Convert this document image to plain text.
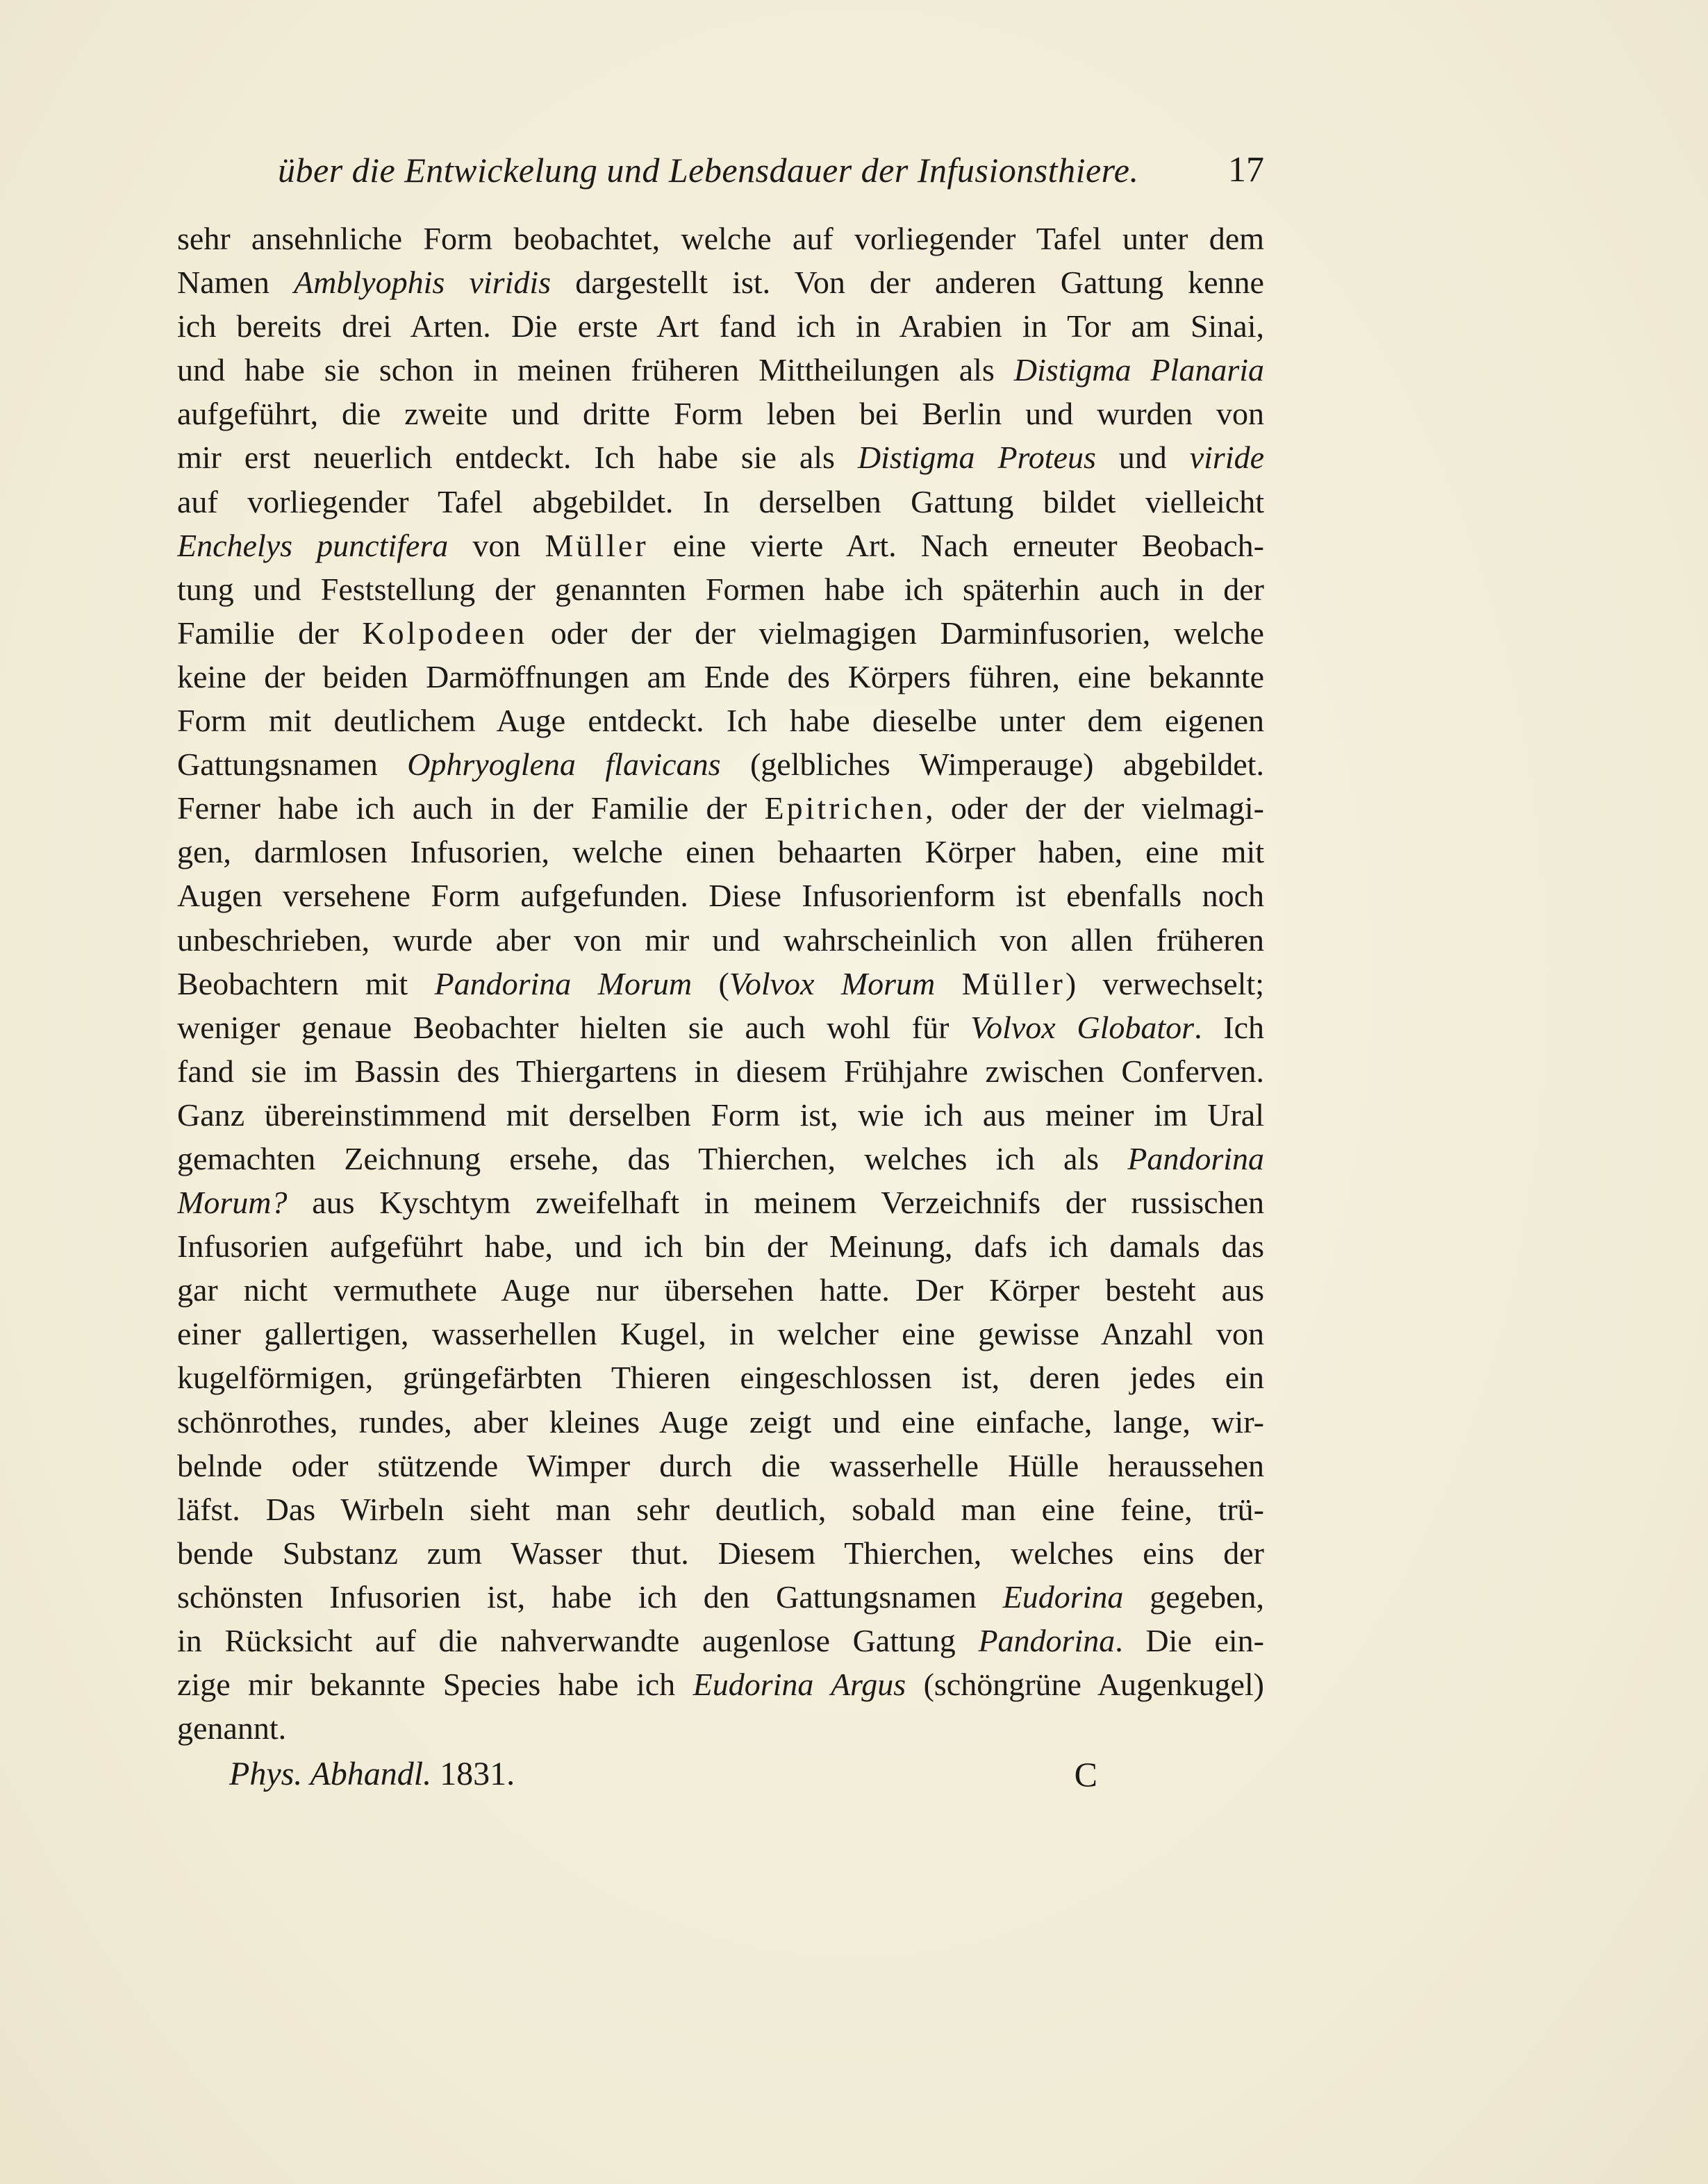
über die Entwickelung und Lebensdauer der Infusionsthiere. 17
sehr ansehnliche Form beobachtet, welche auf vorliegender Tafel unter dem
Namen Amblyophis viridis dargestellt ist. Von der anderen Gattung kenne
ich bereits drei Arten. Die erste Art fand ich in Arabien in Tor am Sinai,
und habe sie schon in meinen früheren Mittheilungen als Distigma Planaria
aufgeführt, die zweite und dritte Form leben bei Berlin und wurden von
mir erst neuerlich entdeckt. Ich habe sie als Distigma Proteus und viride
auf vorliegender Tafel abgebildet. In derselben Gattung bildet vielleicht
Enchelys punctifera von Müller eine vierte Art. Nach erneuter Beobach-
tung und Feststellung der genannten Formen habe ich späterhin auch in der
Familie der Kolpodeen oder der der vielmagigen Darminfusorien, welche
keine der beiden Darmöffnungen am Ende des Körpers führen, eine bekannte
Form mit deutlichem Auge entdeckt. Ich habe dieselbe unter dem eigenen
Gattungsnamen Ophryoglena flavicans (gelbliches Wimperauge) abgebildet.
Ferner habe ich auch in der Familie der Epitrichen, oder der der vielmagi-
gen, darmlosen Infusorien, welche einen behaarten Körper haben, eine mit
Augen versehene Form aufgefunden. Diese Infusorienform ist ebenfalls noch
unbeschrieben, wurde aber von mir und wahrscheinlich von allen früheren
Beobachtern mit Pandorina Morum (Volvox Morum Müller) verwechselt;
weniger genaue Beobachter hielten sie auch wohl für Volvox Globator. Ich
fand sie im Bassin des Thiergartens in diesem Frühjahre zwischen Conferven.
Ganz übereinstimmend mit derselben Form ist, wie ich aus meiner im Ural
gemachten Zeichnung ersehe, das Thierchen, welches ich als Pandorina
Morum? aus Kyschtym zweifelhaft in meinem Verzeichnifs der russischen
Infusorien aufgeführt habe, und ich bin der Meinung, dafs ich damals das
gar nicht vermuthete Auge nur übersehen hatte. Der Körper besteht aus
einer gallertigen, wasserhellen Kugel, in welcher eine gewisse Anzahl von
kugelförmigen, grüngefärbten Thieren eingeschlossen ist, deren jedes ein
schönrothes, rundes, aber kleines Auge zeigt und eine einfache, lange, wir-
belnde oder stützende Wimper durch die wasserhelle Hülle heraussehen
läfst. Das Wirbeln sieht man sehr deutlich, sobald man eine feine, trü-
bende Substanz zum Wasser thut. Diesem Thierchen, welches eins der
schönsten Infusorien ist, habe ich den Gattungsnamen Eudorina gegeben,
in Rücksicht auf die nahverwandte augenlose Gattung Pandorina. Die ein-
zige mir bekannte Species habe ich Eudorina Argus (schöngrüne Augenkugel)
genannt.
Phys. Abhandl. 1831.	C
